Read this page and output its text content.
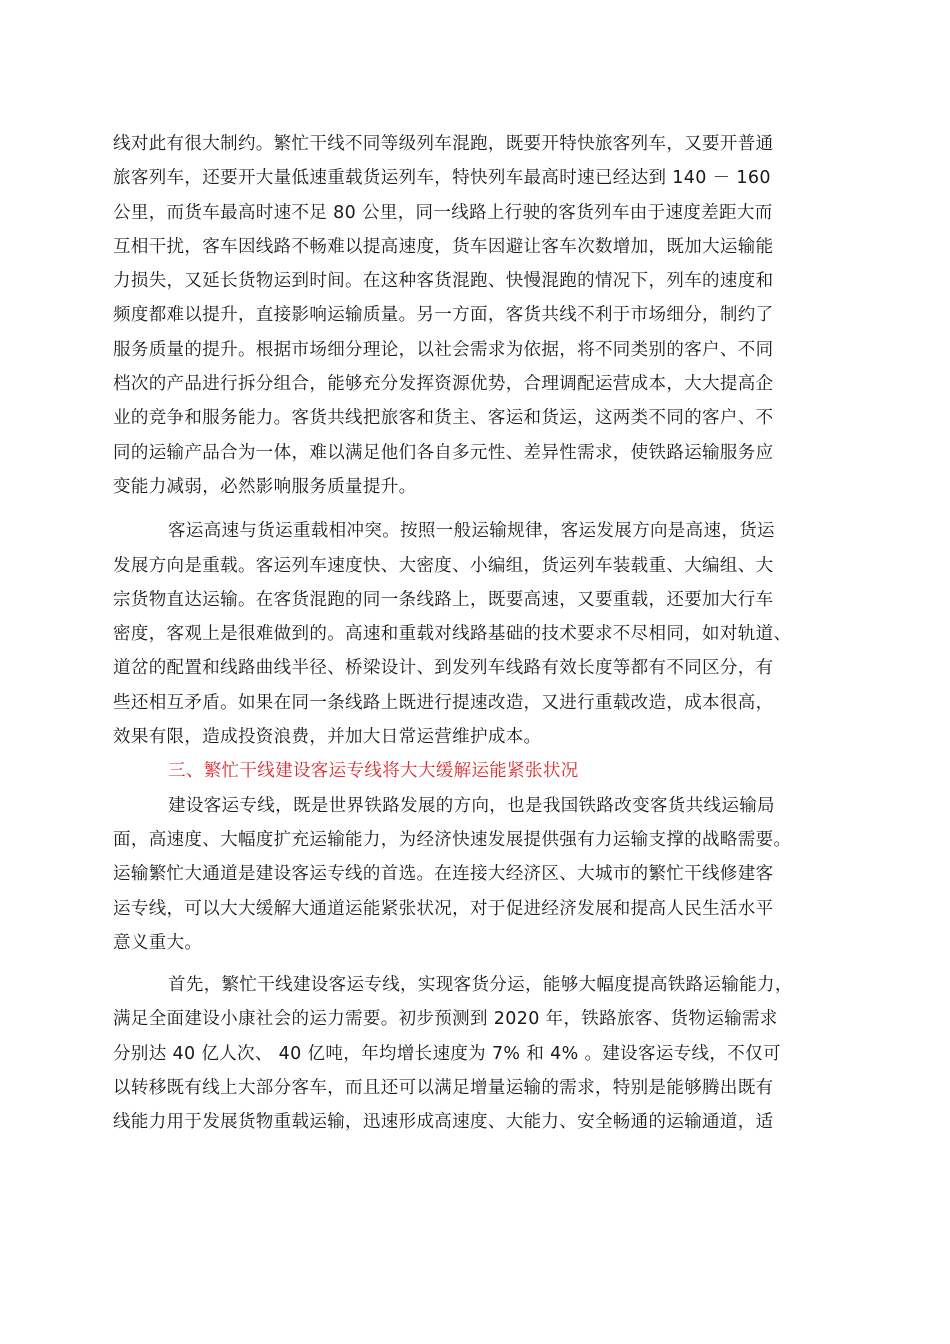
线对此有很大制约。繁忙干线不同等级列车混跑，既要开特快旅客列车，又要开普通
旅客列车，还要开大量低速重载货运列车，特快列车最高时速已经达到 140 － 160
公里，而货车最高时速不足 80 公里，同一线路上行驶的客货列车由于速度差距大而
互相干扰，客车因线路不畅难以提高速度，货车因避让客车次数增加，既加大运输能
力损失，又延长货物运到时间。在这种客货混跑、快慢混跑的情况下，列车的速度和
频度都难以提升，直接影响运输质量。另一方面，客货共线不利于市场细分，制约了
服务质量的提升。根据市场细分理论，以社会需求为依据，将不同类别的客户、不同
档次的产品进行拆分组合，能够充分发挥资源优势，合理调配运营成本，大大提高企
业的竞争和服务能力。客货共线把旅客和货主、客运和货运，这两类不同的客户、不
同的运输产品合为一体，难以满足他们各自多元性、差异性需求，使铁路运输服务应
变能力减弱，必然影响服务质量提升。
客运高速与货运重载相冲突。按照一般运输规律，客运发展方向是高速，货运
发展方向是重载。客运列车速度快、大密度、小编组，货运列车装载重、大编组、大
宗货物直达运输。在客货混跑的同一条线路上，既要高速，又要重载，还要加大行车
密度，客观上是很难做到的。高速和重载对线路基础的技术要求不尽相同，如对轨道、
道岔的配置和线路曲线半径、桥梁设计、到发列车线路有效长度等都有不同区分，有
些还相互矛盾。如果在同一条线路上既进行提速改造，又进行重载改造，成本很高，
效果有限，造成投资浪费，并加大日常运营维护成本。
三、繁忙干线建设客运专线将大大缓解运能紧张状况
建设客运专线，既是世界铁路发展的方向，也是我国铁路改变客货共线运输局
面，高速度、大幅度扩充运输能力，为经济快速发展提供强有力运输支撑的战略需要。
运输繁忙大通道是建设客运专线的首选。在连接大经济区、大城市的繁忙干线修建客
运专线，可以大大缓解大通道运能紧张状况，对于促进经济发展和提高人民生活水平
意义重大。
首先，繁忙干线建设客运专线，实现客货分运，能够大幅度提高铁路运输能力，
满足全面建设小康社会的运力需要。初步预测到 2020 年，铁路旅客、货物运输需求
分别达 40 亿人次、 40 亿吨，年均增长速度为 7% 和 4% 。建设客运专线，不仅可
以转移既有线上大部分客车，而且还可以满足增量运输的需求，特别是能够腾出既有
线能力用于发展货物重载运输，迅速形成高速度、大能力、安全畅通的运输通道，适
